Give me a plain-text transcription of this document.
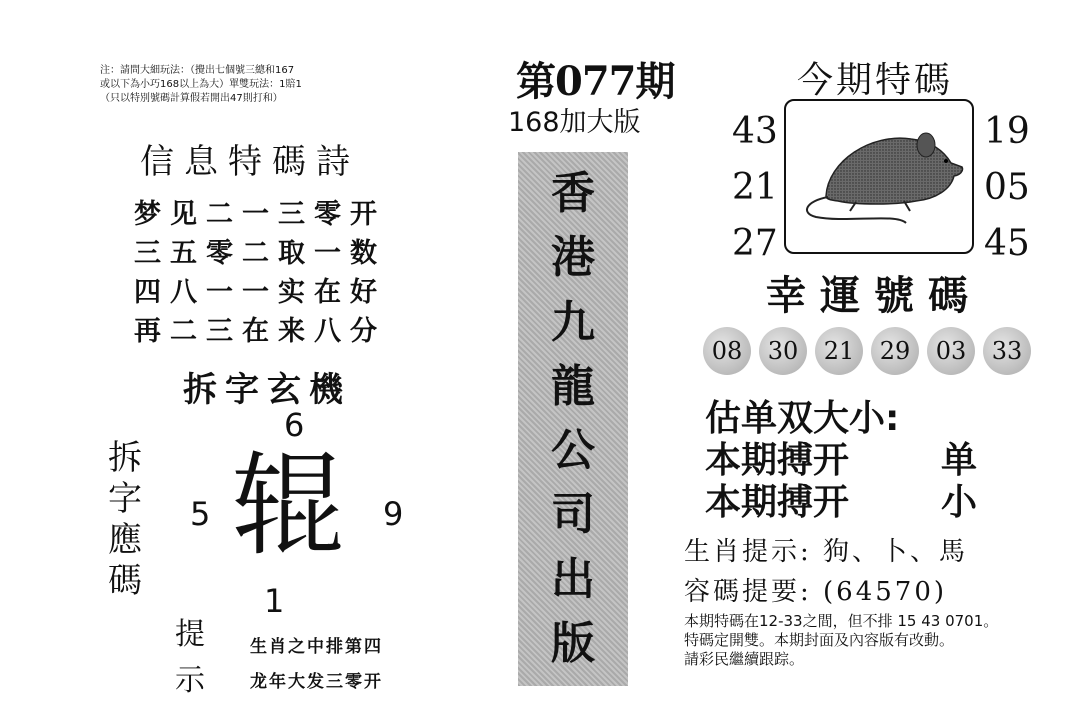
注：請問大細玩法：（攪出七個號三總和167
或以下為小巧168以上為大）單雙玩法：1賠1
（只以特別號碼計算假若開出47則打和）
信息特碼詩
梦见二一三零开
三五零二取一数
四八一一实在好
再二三在来八分
拆字玄機
拆字應碼
6
5	9
1
辊
提示
生肖之中排第四
龙年大发三零开
第077期
168加大版
香
港
九
龍
公
司
出
版
今期特碼
43
21
27
19
05
45
幸運號碼
08	30	21	29	03	33
估单双大小:
本期搏开	单
本期搏开	小
生肖提示: 狗、卜、馬
容碼提要: (64570)
本期特碼在12-33之間，但不排 15 43 0701。
特碼定開雙。本期封面及內容版有改動。
請彩民繼續跟踪。
